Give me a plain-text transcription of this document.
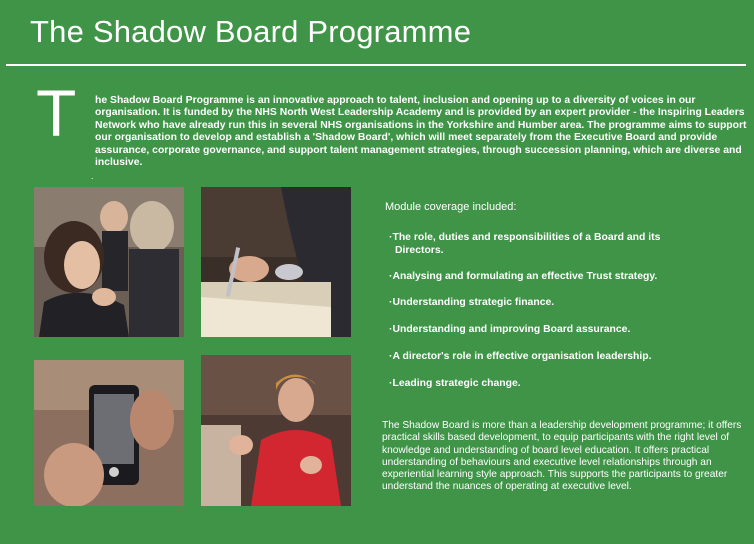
The Shadow Board Programme
T he Shadow Board Programme is an innovative approach to talent, inclusion and opening up to a diversity of voices in our organisation. It is funded by the NHS North West Leadership Academy and is provided by an expert provider - the Inspiring Leaders Network who have already run this in several NHS organisations in the Yorkshire and Humber area. The programme aims to support our organisation to develop and establish a 'Shadow Board', which will meet separately from the Executive Board and provide assurance, corporate governance, and support talent management strategies, through succession planning, which are diverse and inclusive.

.

Module coverage included:

· The role, duties and responsibilities of a Board and its Directors.
· Analysing and formulating an effective Trust strategy.
· Understanding strategic finance.
· Understanding and improving Board assurance.
· A director's role in effective organisation leadership.
· Leading strategic change.

The Shadow Board is more than a leadership development programme; it offers practical skills based development, to equip participants with the right level of knowledge and understanding of board level education. It offers practical understanding of behaviours and executive level relationships through an experiential learning style approach. This supports the participants to greater understand the nuances of operating at executive level.
